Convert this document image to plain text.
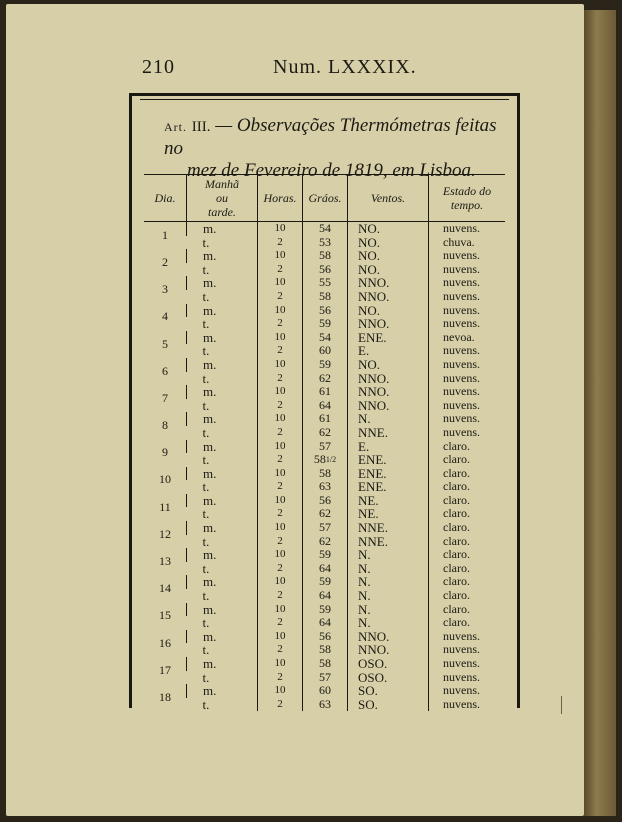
210	Num. LXXXIX.
Art. III. — Observações Thermómetras feitas no
mez de Fevereiro de 1819, em Lisboa.
Dia.	Manhã
ou
tarde.	Horas.	Gráos.	Ventos.	Estado do tempo.
1	m.	10	54	NO.	nuvens.
	t.	2	53	NO.	chuva.
2	m.	10	58	NO.	nuvens.
	t.	2	56	NO.	nuvens.
3	m.	10	55	NNO.	nuvens.
	t.	2	58	NNO.	nuvens.
4	m.	10	56	NO.	nuvens.
	t.	2	59	NNO.	nuvens.
5	m.	10	54	ENE.	nevoa.
	t.	2	60	E.	nuvens.
6	m.	10	59	NO.	nuvens.
	t.	2	62	NNO.	nuvens.
7	m.	10	61	NNO.	nuvens.
	t.	2	64	NNO.	nuvens.
8	m.	10	61	N.	nuvens.
	t.	2	62	NNE.	nuvens.
9	m.	10	57	E.	claro.
	t.	2	$58^{1/2}$	ENE.	claro.
10	m.	10	58	ENE.	claro.
	t.	2	63	ENE.	claro.
11	m.	10	56	NE.	claro.
	t.	2	62	NE.	claro.
12	m.	10	57	NNE.	claro.
	t.	2	62	NNE.	claro.
13	m.	10	59	N.	claro.
	t.	2	64	N.	claro.
14	m.	10	59	N.	claro.
	t.	2	64	N.	claro.
15	m.	10	59	N.	claro.
	t.	2	64	N.	claro.
16	m.	10	56	NNO.	nuvens.
	t.	2	58	NNO.	nuvens.
17	m.	10	58	OSO.	nuvens.
	t.	2	57	OSO.	nuvens.
18	m.	10	60	SO.	nuvens.
	t.	2	63	SO.	nuvens.
